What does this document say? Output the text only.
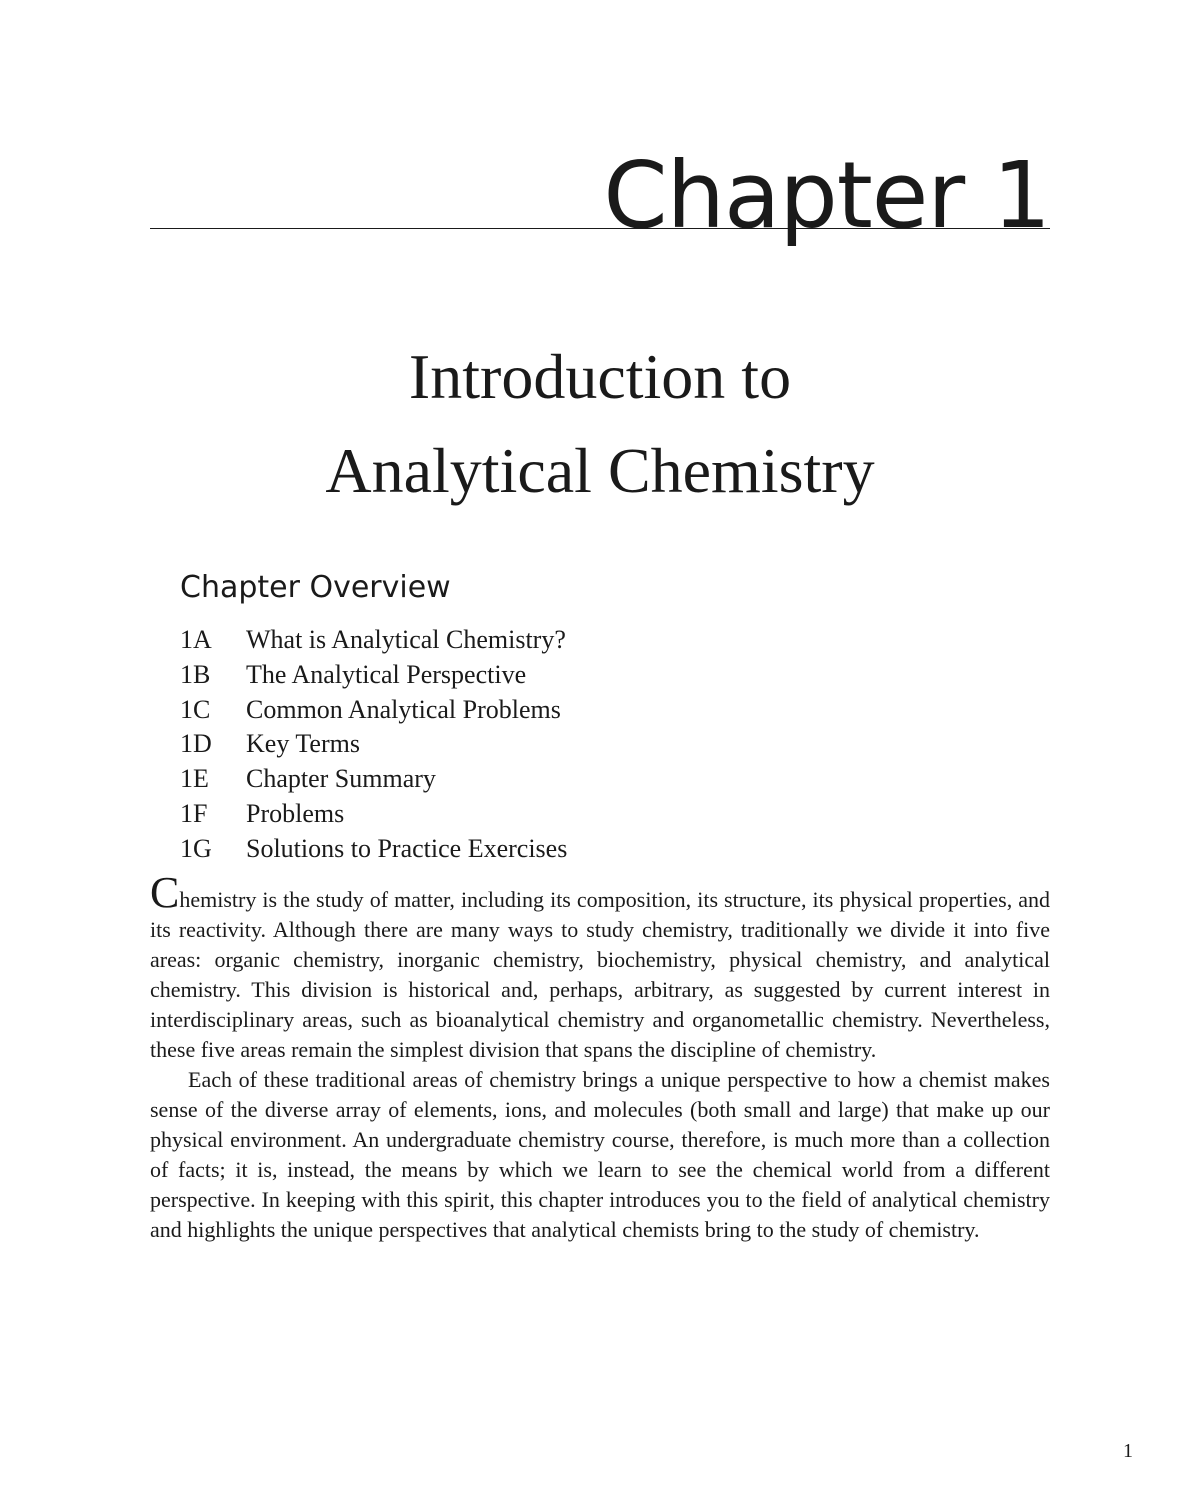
Chapter 1
Introduction to
Analytical Chemistry
Chapter Overview
1A	What is Analytical Chemistry?
1B	The Analytical Perspective
1C	Common Analytical Problems
1D	Key Terms
1E	Chapter Summary
1F	Problems
1G	Solutions to Practice Exercises

Chemistry is the study of matter, including its composition, its structure, its physical properties, and its reactivity. Although there are many ways to study chemistry, traditionally we divide it into five areas: organic chemistry, inorganic chemistry, biochemistry, physical chemistry, and analytical chemistry. This division is historical and, perhaps, arbitrary, as suggested by current interest in interdisciplinary areas, such as bioanalytical chemistry and organometallic chemistry. Nevertheless, these five areas remain the simplest division that spans the discipline of chemistry.

Each of these traditional areas of chemistry brings a unique perspective to how a chemist makes sense of the diverse array of elements, ions, and molecules (both small and large) that make up our physical environment. An undergraduate chemistry course, therefore, is much more than a collection of facts; it is, instead, the means by which we learn to see the chemical world from a different perspective. In keeping with this spirit, this chapter introduces you to the field of analytical chemistry and highlights the unique perspectives that analytical chemists bring to the study of chemistry.

1
